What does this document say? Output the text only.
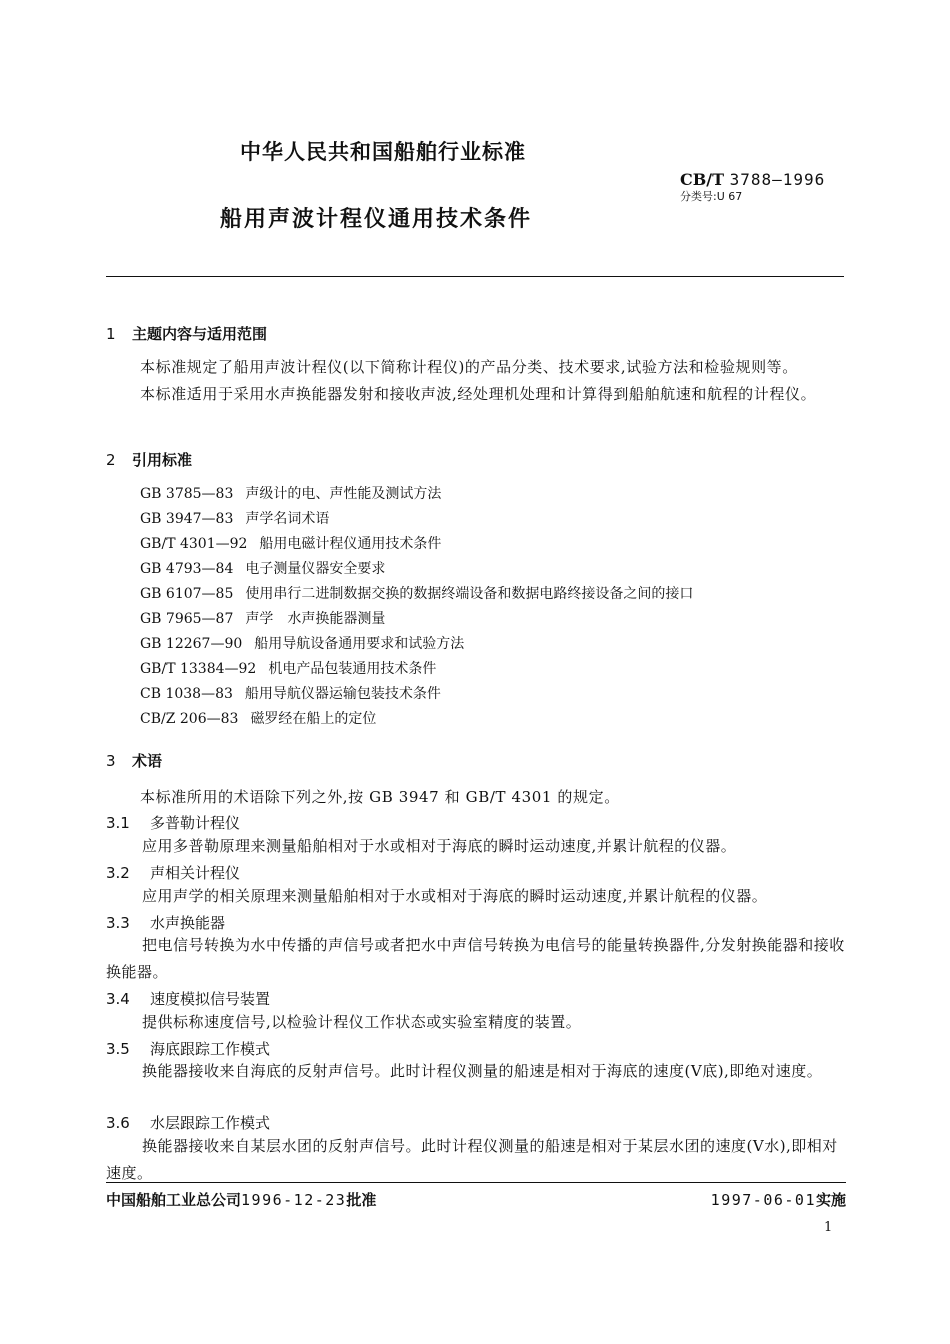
中华人民共和国船舶行业标准
CB/T 3788—1996
分类号:U 67
船用声波计程仪通用技术条件
1 主题内容与适用范围
本标准规定了船用声波计程仪(以下简称计程仪)的产品分类、技术要求,试验方法和检验规则等。
本标准适用于采用水声换能器发射和接收声波,经处理机处理和计算得到船舶航速和航程的计程仪。
2 引用标准
GB 3785—83 声级计的电、声性能及测试方法
GB 3947—83 声学名词术语
GB/T 4301—92 船用电磁计程仪通用技术条件
GB 4793—84 电子测量仪器安全要求
GB 6107—85 使用串行二进制数据交换的数据终端设备和数据电路终接设备之间的接口
GB 7965—87 声学　水声换能器测量
GB 12267—90 船用导航设备通用要求和试验方法
GB/T 13384—92 机电产品包装通用技术条件
CB 1038—83 船用导航仪器运输包装技术条件
CB/Z 206—83 磁罗经在船上的定位
3 术语
本标准所用的术语除下列之外,按 GB 3947 和 GB/T 4301 的规定。
3.1 多普勒计程仪
应用多普勒原理来测量船舶相对于水或相对于海底的瞬时运动速度,并累计航程的仪器。
3.2 声相关计程仪
应用声学的相关原理来测量船舶相对于水或相对于海底的瞬时运动速度,并累计航程的仪器。
3.3 水声换能器
把电信号转换为水中传播的声信号或者把水中声信号转换为电信号的能量转换器件,分发射换能器和接收换能器。
3.4 速度模拟信号装置
提供标称速度信号,以检验计程仪工作状态或实验室精度的装置。
3.5 海底跟踪工作模式
换能器接收来自海底的反射声信号。此时计程仪测量的船速是相对于海底的速度(V底),即绝对速度。
3.6 水层跟踪工作模式
换能器接收来自某层水团的反射声信号。此时计程仪测量的船速是相对于某层水团的速度(V水),即相对速度。
中国船舶工业总公司1996-12-23批准	1997-06-01实施
1
